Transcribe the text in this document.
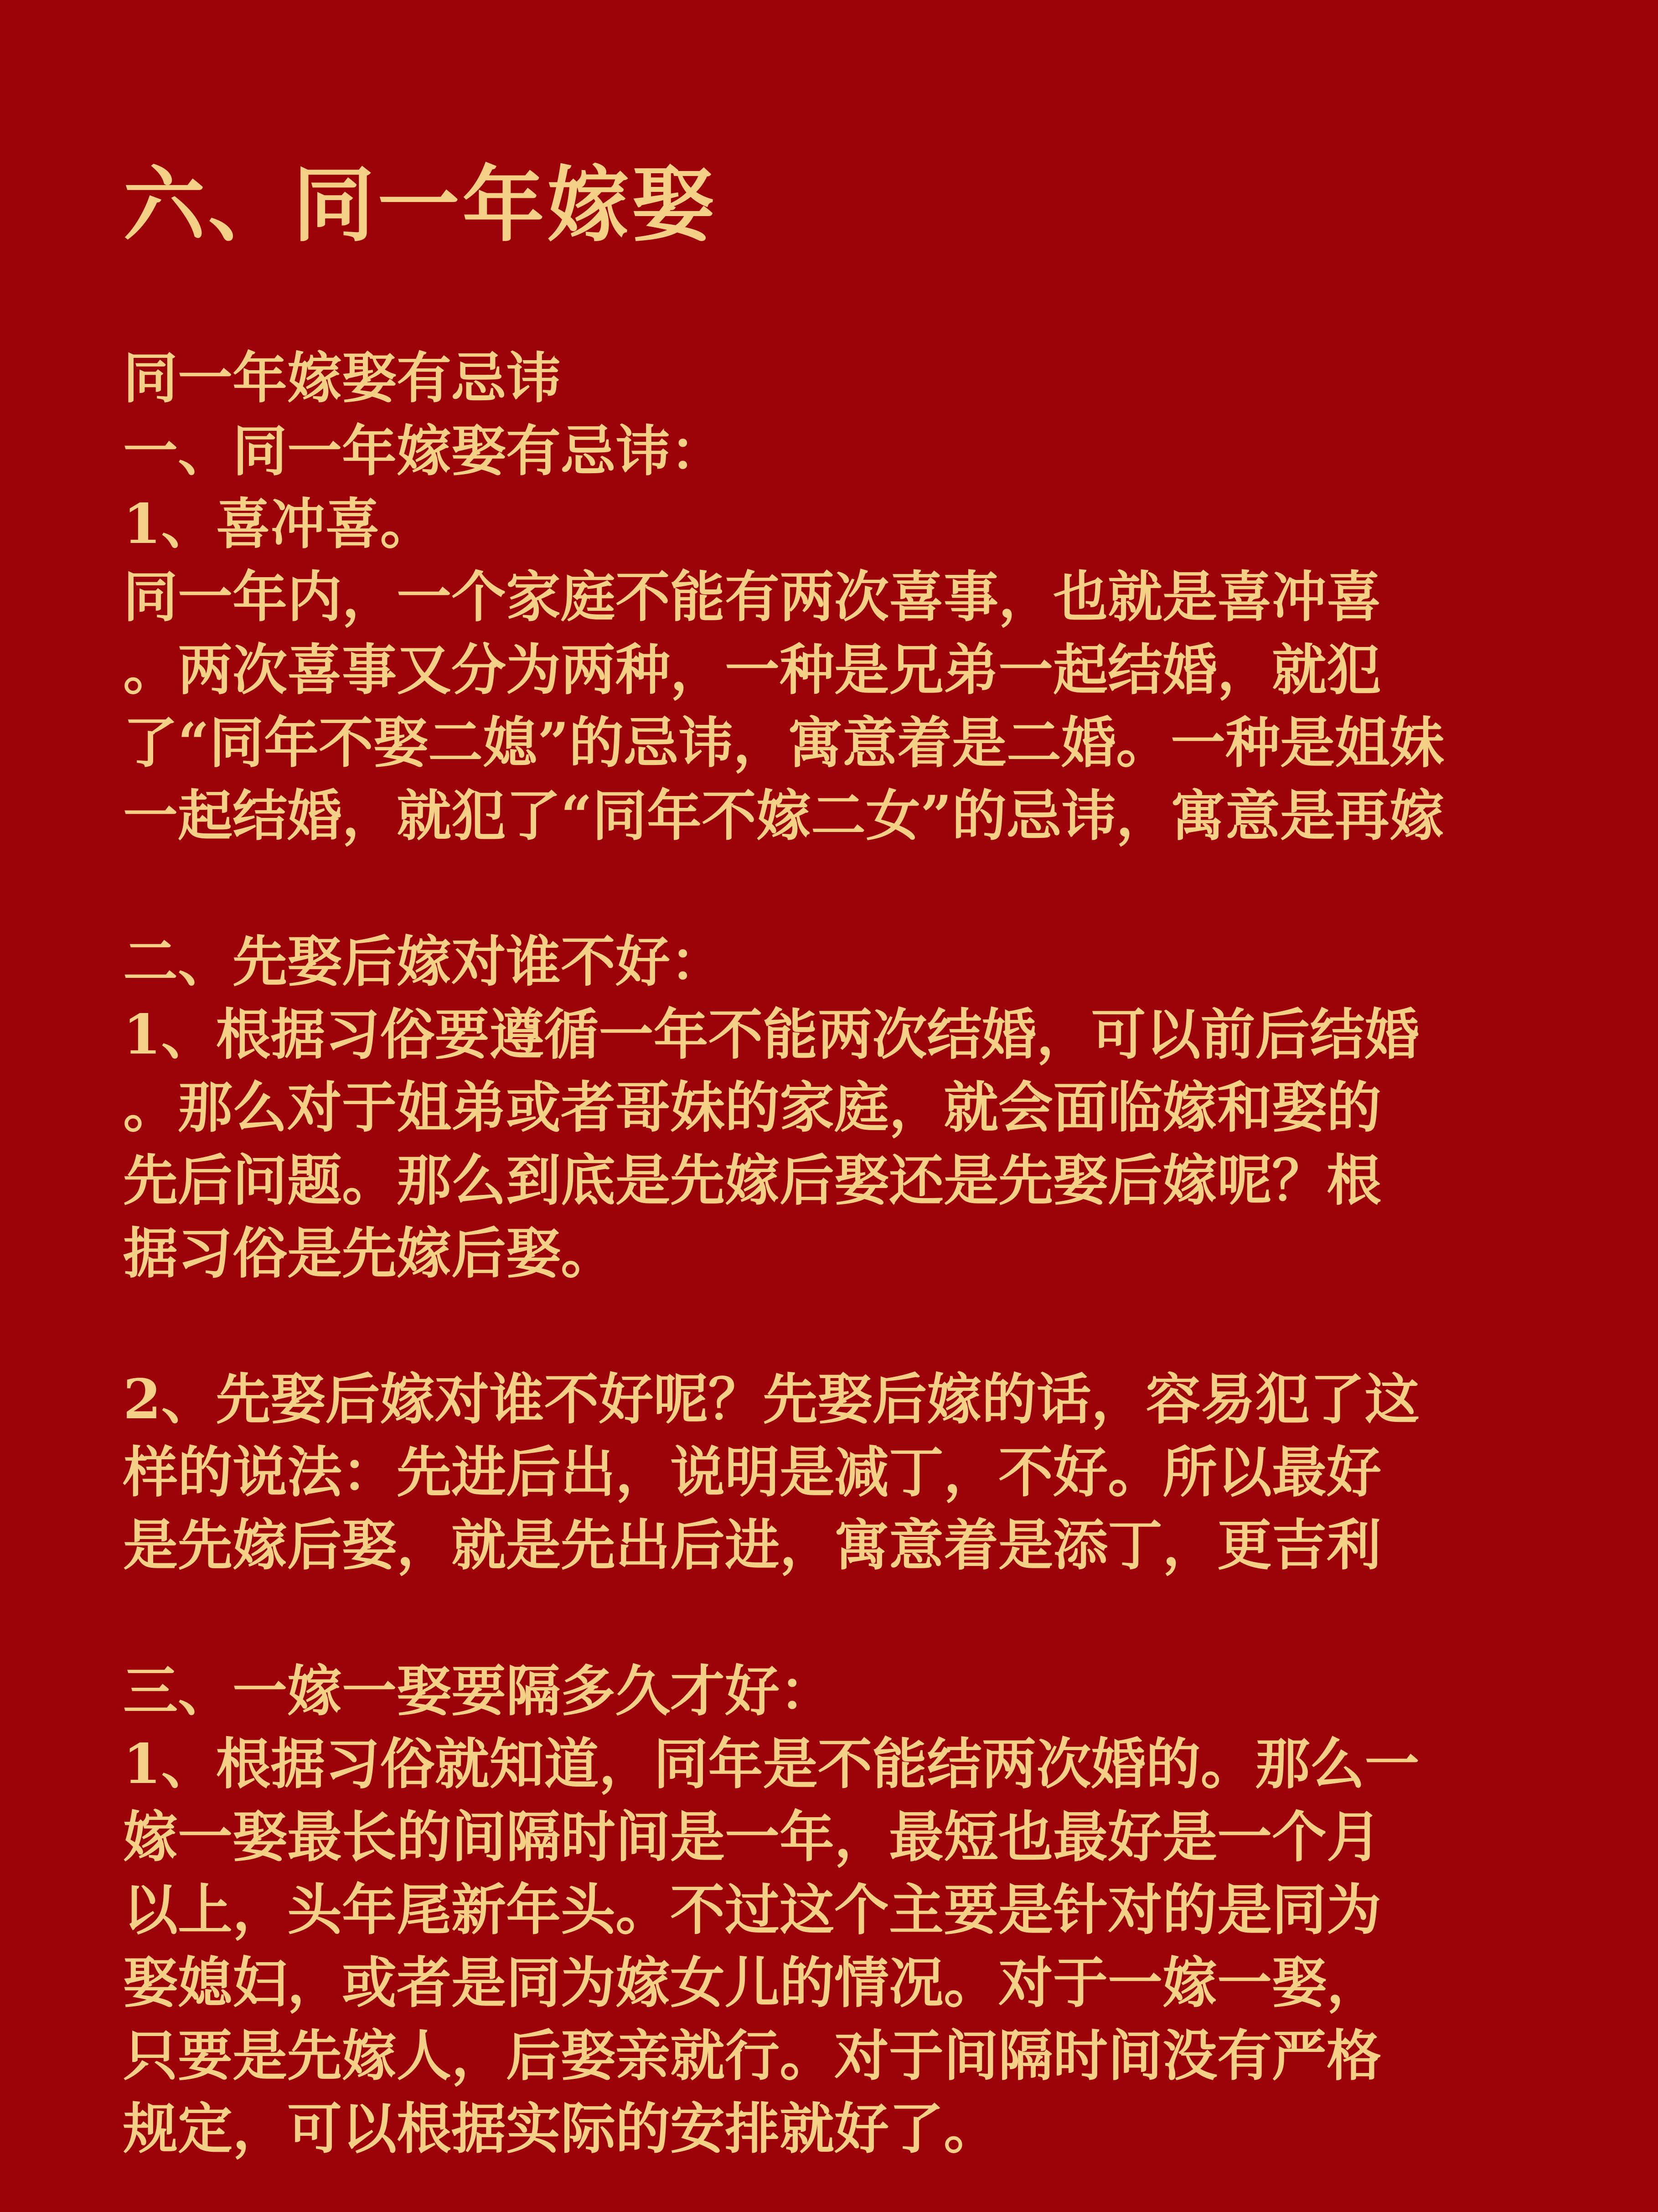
六、同一年嫁娶

同一年嫁娶有忌讳

一、同一年嫁娶有忌讳：

1、喜冲喜。

同一年内，一个家庭不能有两次喜事，也就是喜冲喜

。两次喜事又分为两种，一种是兄弟一起结婚，就犯

了“同年不娶二媳”的忌讳，寓意着是二婚。一种是姐妹

一起结婚，就犯了“同年不嫁二女”的忌讳，寓意是再嫁

二、先娶后嫁对谁不好：

1、根据习俗要遵循一年不能两次结婚，可以前后结婚

。那么对于姐弟或者哥妹的家庭，就会面临嫁和娶的

先后问题。那么到底是先嫁后娶还是先娶后嫁呢？根

据习俗是先嫁后娶。

2、先娶后嫁对谁不好呢？先娶后嫁的话，容易犯了这

样的说法：先进后出，说明是减丁，不好。所以最好

是先嫁后娶，就是先出后进，寓意着是添丁，更吉利

三、一嫁一娶要隔多久才好：

1、根据习俗就知道，同年是不能结两次婚的。那么一

嫁一娶最长的间隔时间是一年，最短也最好是一个月

以上，头年尾新年头。不过这个主要是针对的是同为

娶媳妇，或者是同为嫁女儿的情况。对于一嫁一娶，

只要是先嫁人，后娶亲就行。对于间隔时间没有严格

规定，可以根据实际的安排就好了。
